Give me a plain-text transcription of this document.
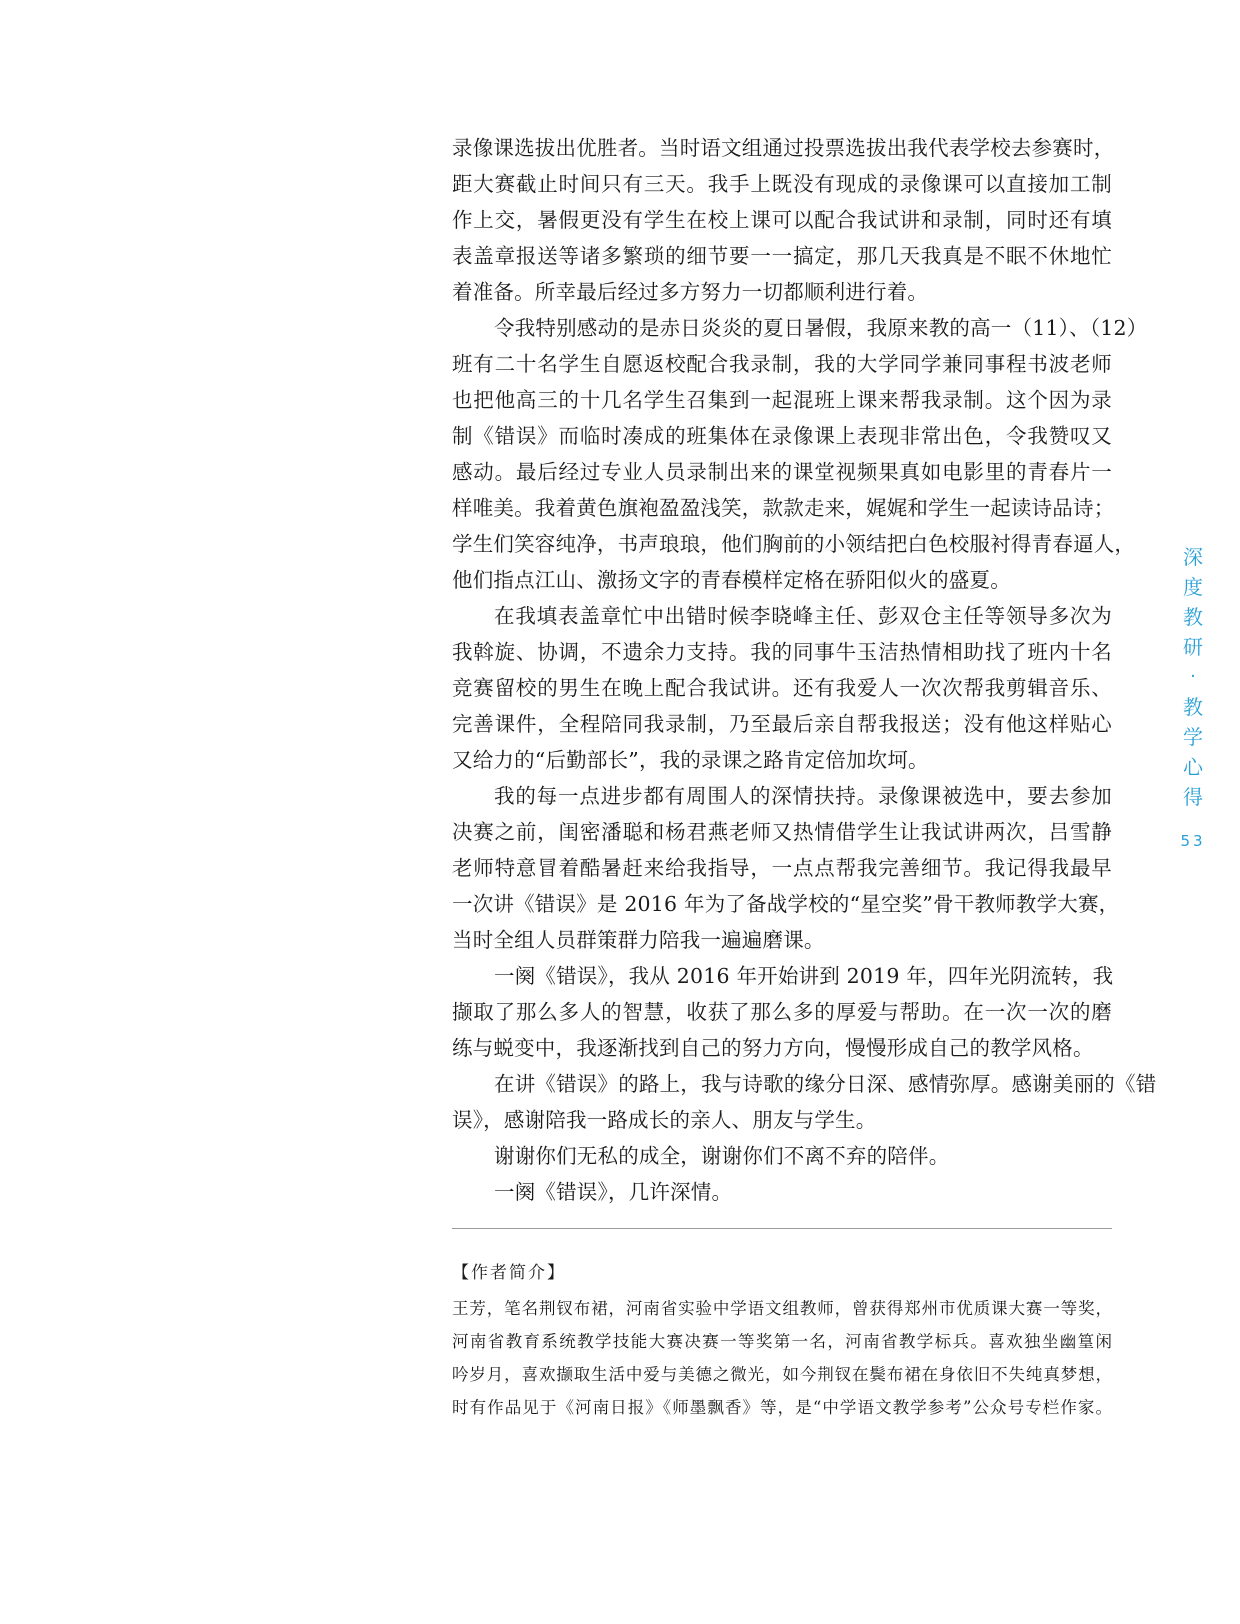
录像课选拔出优胜者。当时语文组通过投票选拔出我代表学校去参赛时，
距大赛截止时间只有三天。我手上既没有现成的录像课可以直接加工制
作上交，暑假更没有学生在校上课可以配合我试讲和录制，同时还有填
表盖章报送等诸多繁琐的细节要一一搞定，那几天我真是不眠不休地忙
着准备。所幸最后经过多方努力一切都顺利进行着。

令我特别感动的是赤日炎炎的夏日暑假，我原来教的高一（11）、（12）
班有二十名学生自愿返校配合我录制，我的大学同学兼同事程书波老师
也把他高三的十几名学生召集到一起混班上课来帮我录制。这个因为录
制《错误》而临时凑成的班集体在录像课上表现非常出色，令我赞叹又
感动。最后经过专业人员录制出来的课堂视频果真如电影里的青春片一
样唯美。我着黄色旗袍盈盈浅笑，款款走来，娓娓和学生一起读诗品诗；
学生们笑容纯净，书声琅琅，他们胸前的小领结把白色校服衬得青春逼人，
他们指点江山、激扬文字的青春模样定格在骄阳似火的盛夏。

在我填表盖章忙中出错时候李晓峰主任、彭双仓主任等领导多次为
我斡旋、协调，不遗余力支持。我的同事牛玉洁热情相助找了班内十名
竞赛留校的男生在晚上配合我试讲。还有我爱人一次次帮我剪辑音乐、
完善课件，全程陪同我录制，乃至最后亲自帮我报送；没有他这样贴心
又给力的“后勤部长”，我的录课之路肯定倍加坎坷。

我的每一点进步都有周围人的深情扶持。录像课被选中，要去参加
决赛之前，闺密潘聪和杨君燕老师又热情借学生让我试讲两次，吕雪静
老师特意冒着酷暑赶来给我指导，一点点帮我完善细节。我记得我最早
一次讲《错误》是 2016 年为了备战学校的“星空奖”骨干教师教学大赛，
当时全组人员群策群力陪我一遍遍磨课。

一阕《错误》，我从 2016 年开始讲到 2019 年，四年光阴流转，我
撷取了那么多人的智慧，收获了那么多的厚爱与帮助。在一次一次的磨
练与蜕变中，我逐渐找到自己的努力方向，慢慢形成自己的教学风格。

在讲《错误》的路上，我与诗歌的缘分日深、感情弥厚。感谢美丽的《错
误》，感谢陪我一路成长的亲人、朋友与学生。

谢谢你们无私的成全，谢谢你们不离不弃的陪伴。

一阕《错误》，几许深情。

【作者简介】

王芳，笔名荆钗布裙，河南省实验中学语文组教师，曾获得郑州市优质课大赛一等奖，
河南省教育系统教学技能大赛决赛一等奖第一名，河南省教学标兵。喜欢独坐幽篁闲
吟岁月，喜欢撷取生活中爱与美德之微光，如今荆钗在鬓布裙在身依旧不失纯真梦想，
时有作品见于《河南日报》《师墨飘香》等，是“中学语文教学参考”公众号专栏作家。
深
度
教
研
·
教
学
心
得
53
